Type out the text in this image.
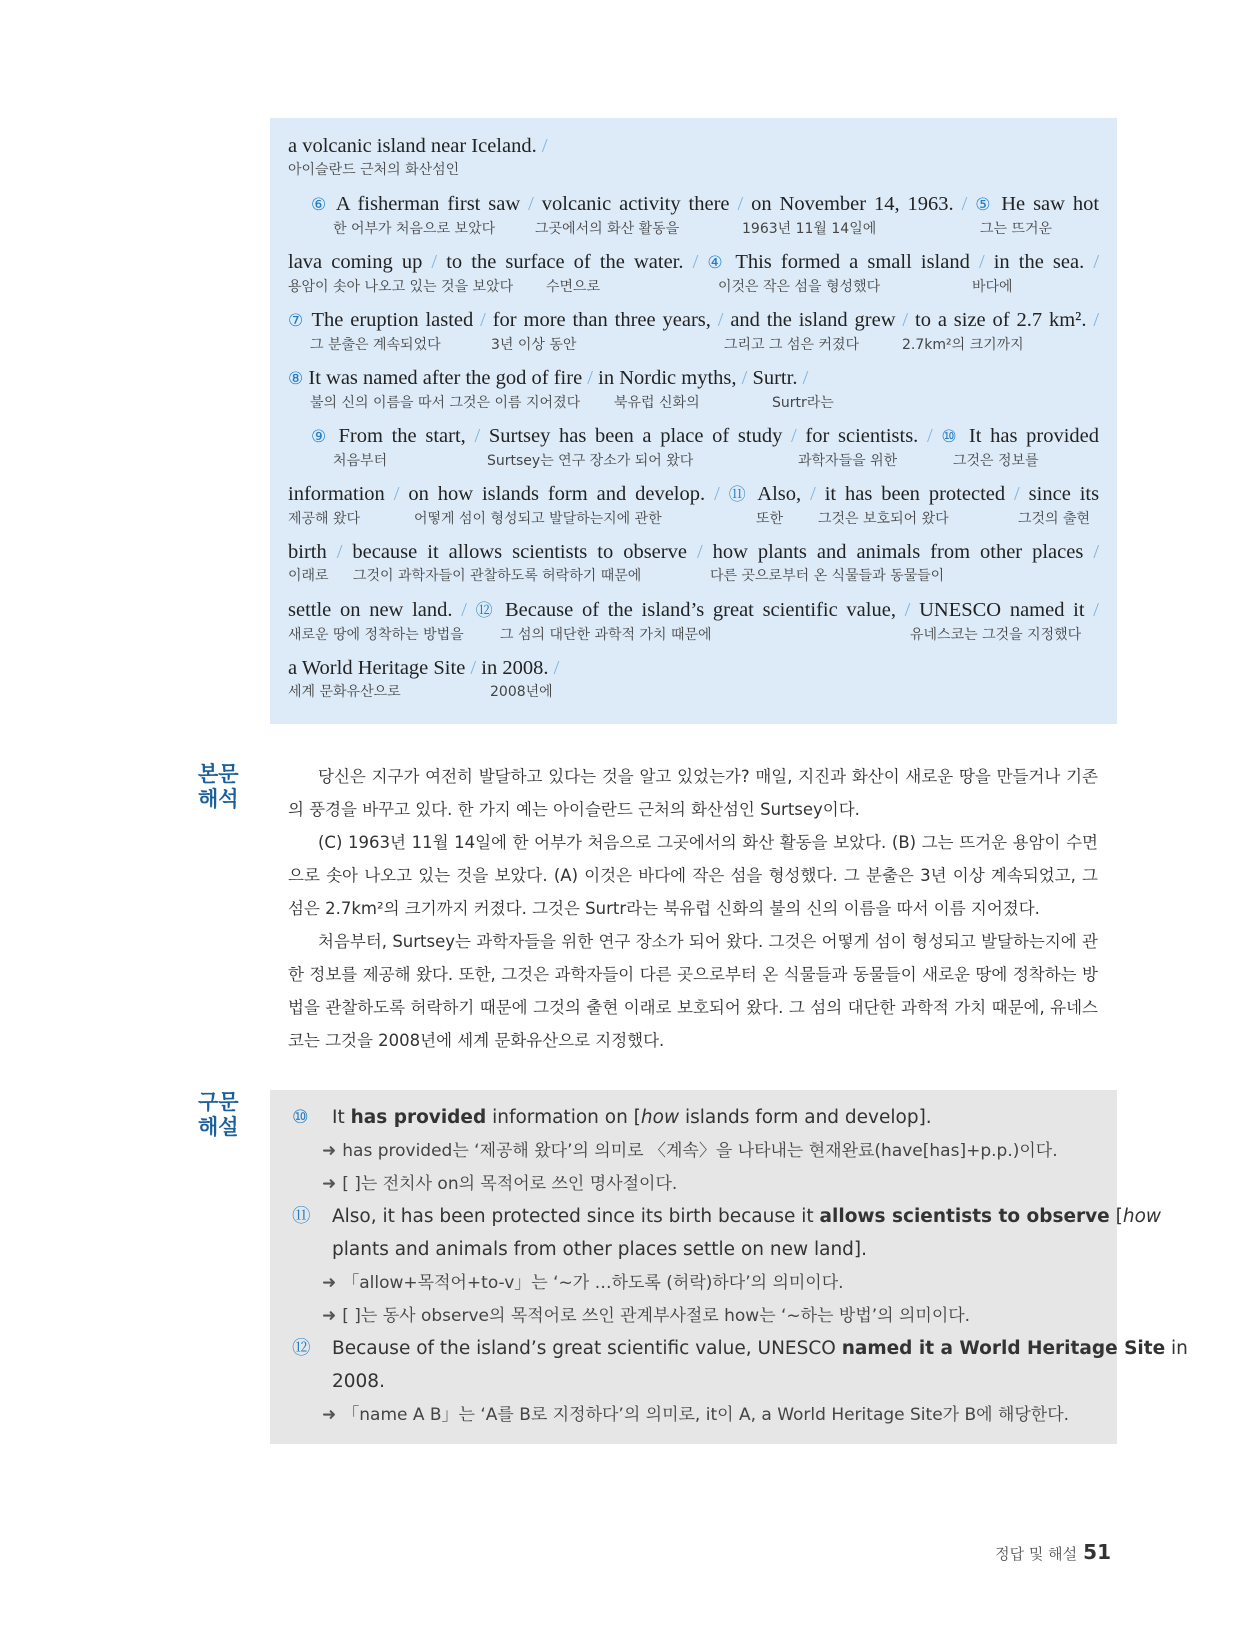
a volcanic island near Iceland. /
아이슬란드 근처의 화산섬인
⑥ A fisherman first saw / volcanic activity there / on November 14, 1963. / ⑤ He saw hot
한 어부가 처음으로 보았다	그곳에서의 화산 활동을	1963년 11월 14일에	그는 뜨거운
lava coming up / to the surface of the water. / ④ This formed a small island / in the sea. /
용암이 솟아 나오고 있는 것을 보았다 수면으로	이것은 작은 섬을 형성했다	바다에
⑦ The eruption lasted / for more than three years, / and the island grew / to a size of 2.7 km². /
그 분출은 계속되었다	3년 이상 동안	그리고 그 섬은 커졌다	2.7km²의 크기까지
⑧ It was named after the god of fire / in Nordic myths, / Surtr. /
불의 신의 이름을 따서 그것은 이름 지어졌다 북유럽 신화의	Surtr라는
⑨ From the start, / Surtsey has been a place of study / for scientists. / ⑩ It has provided
처음부터	Surtsey는 연구 장소가 되어 왔다	과학자들을 위한	그것은 정보를
information / on how islands form and develop. / ⑪ Also, / it has been protected / since its
제공해 왔다	어떻게 섬이 형성되고 발달하는지에 관한	또한 그것은 보호되어 왔다	그것의 출현
birth / because it allows scientists to observe / how plants and animals from other places /
이래로 그것이 과학자들이 관찰하도록 허락하기 때문에	다른 곳으로부터 온 식물들과 동물들이
settle on new land. / ⑫ Because of the island’s great scientific value, / UNESCO named it /
새로운 땅에 정착하는 방법을	그 섬의 대단한 과학적 가치 때문에	유네스코는 그것을 지정했다
a World Heritage Site / in 2008. /
세계 문화유산으로	2008년에
본문
해석

당신은 지구가 여전히 발달하고 있다는 것을 알고 있었는가? 매일, 지진과 화산이 새로운 땅을 만들거나 기존의 풍경을 바꾸고 있다. 한 가지 예는 아이슬란드 근처의 화산섬인 Surtsey이다.

(C) 1963년 11월 14일에 한 어부가 처음으로 그곳에서의 화산 활동을 보았다. (B) 그는 뜨거운 용암이 수면으로 솟아 나오고 있는 것을 보았다. (A) 이것은 바다에 작은 섬을 형성했다. 그 분출은 3년 이상 계속되었고, 그 섬은 2.7km²의 크기까지 커졌다. 그것은 Surtr라는 북유럽 신화의 불의 신의 이름을 따서 이름 지어졌다.

처음부터, Surtsey는 과학자들을 위한 연구 장소가 되어 왔다. 그것은 어떻게 섬이 형성되고 발달하는지에 관한 정보를 제공해 왔다. 또한, 그것은 과학자들이 다른 곳으로부터 온 식물들과 동물들이 새로운 땅에 정착하는 방법을 관찰하도록 허락하기 때문에 그것의 출현 이래로 보호되어 왔다. 그 섬의 대단한 과학적 가치 때문에, 유네스코는 그것을 2008년에 세계 문화유산으로 지정했다.

구문
해설	⑩ It has provided information on [how islands form and develop].
➜ has provided는 ‘제공해 왔다’의 의미로 〈계속〉을 나타내는 현재완료(have[has]+p.p.)이다.
➜ [ ]는 전치사 on의 목적어로 쓰인 명사절이다.
⑪ Also, it has been protected since its birth because it allows scientists to observe [how
plants and animals from other places settle on new land].
➜ 「allow+목적어+to-v」는 ‘~가 …하도록 (허락)하다’의 의미이다.
➜ [ ]는 동사 observe의 목적어로 쓰인 관계부사절로 how는 ‘~하는 방법’의 의미이다.
⑫ Because of the island’s great scientific value, UNESCO named it a World Heritage Site in
2008.
➜ 「name A B」는 ‘A를 B로 지정하다’의 의미로, it이 A, a World Heritage Site가 B에 해당한다.
정답 및 해설 51
